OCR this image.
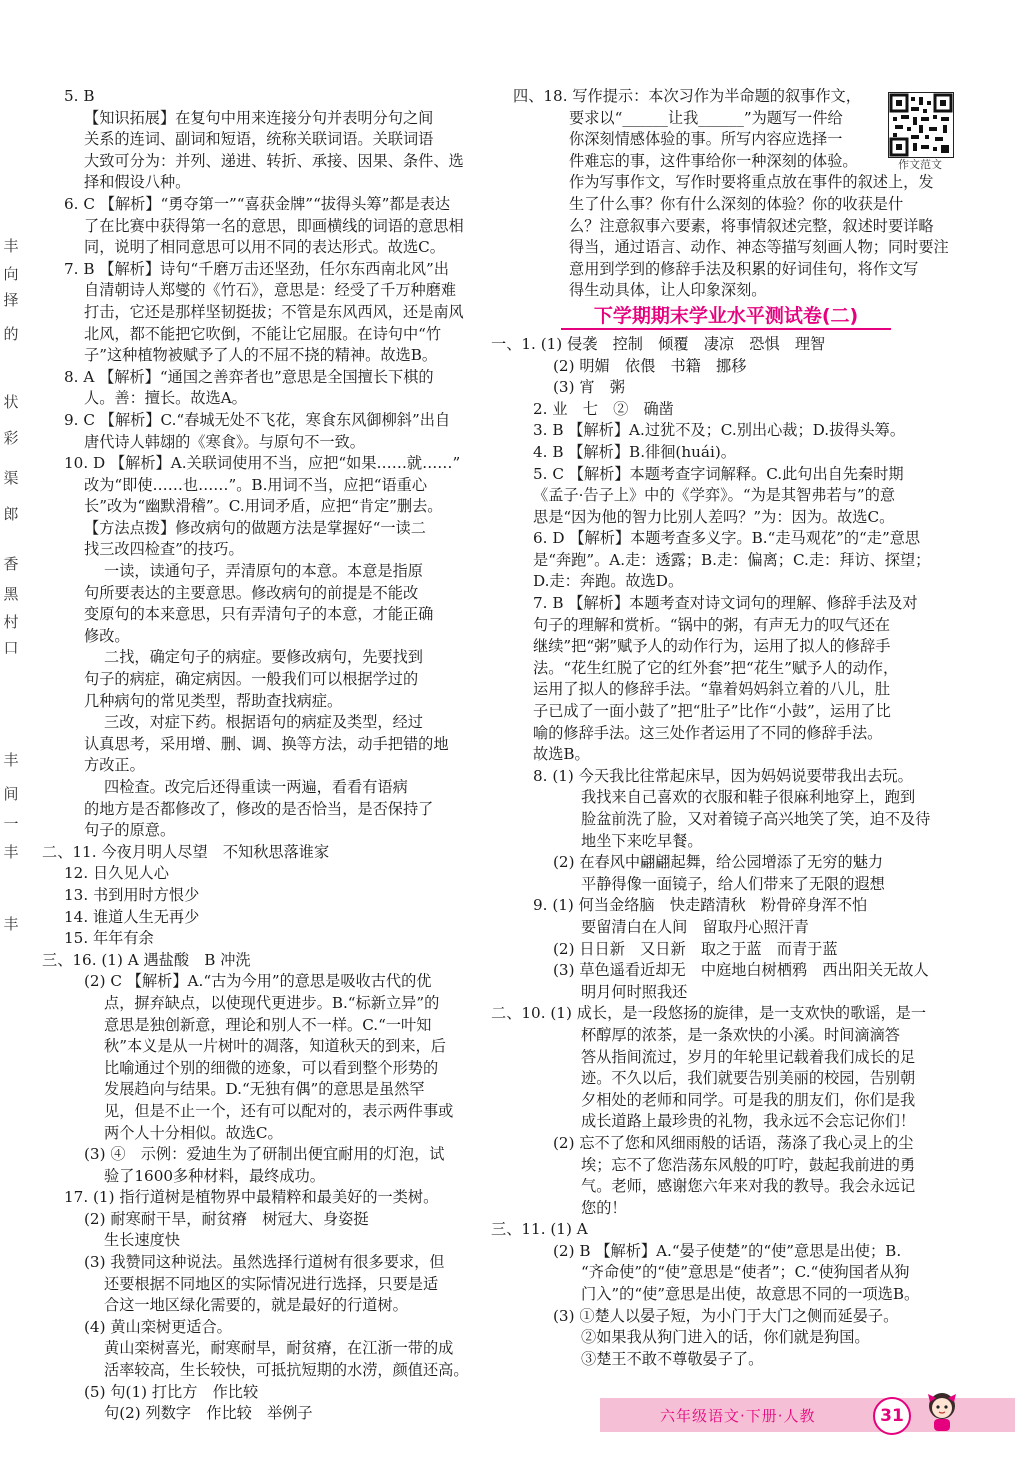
丰
向
择
的
状
彩
渠
郎
香
黑
村
口
丰
间
一
丰
丰
5. B
【知识拓展】在复句中用来连接分句并表明分句之间
关系的连词、副词和短语，统称关联词语。关联词语
大致可分为：并列、递进、转折、承接、因果、条件、选
择和假设八种。
6. C 【解析】“勇夺第一”“喜获金牌”“拔得头筹”都是表达
了在比赛中获得第一名的意思，即画横线的词语的意思相
同，说明了相同意思可以用不同的表达形式。故选C。
7. B 【解析】诗句“千磨万击还坚劲，任尔东西南北风”出
自清朝诗人郑燮的《竹石》，意思是：经受了千万种磨难
打击，它还是那样坚韧挺拔；不管是东风西风，还是南风
北风，都不能把它吹倒，不能让它屈服。在诗句中“竹
子”这种植物被赋予了人的不屈不挠的精神。故选B。
8. A 【解析】“通国之善弈者也”意思是全国擅长下棋的
人。善：擅长。故选A。
9. C 【解析】C.“春城无处不飞花，寒食东风御柳斜”出自
唐代诗人韩翃的《寒食》。与原句不一致。
10. D 【解析】A.关联词使用不当，应把“如果……就……”
改为“即使……也……”。B.用词不当，应把“语重心
长”改为“幽默滑稽”。C.用词矛盾，应把“肯定”删去。
【方法点拨】修改病句的做题方法是掌握好“一读二
找三改四检查”的技巧。
一读，读通句子，弄清原句的本意。本意是指原
句所要表达的主要意思。修改病句的前提是不能改
变原句的本来意思，只有弄清句子的本意，才能正确
修改。
二找，确定句子的病症。要修改病句，先要找到
句子的病症，确定病因。一般我们可以根据学过的
几种病句的常见类型，帮助查找病症。
三改，对症下药。根据语句的病症及类型，经过
认真思考，采用增、删、调、换等方法，动手把错的地
方改正。
四检查。改完后还得重读一两遍，看看有语病
的地方是否都修改了，修改的是否恰当，是否保持了
句子的原意。
二、11. 今夜月明人尽望　不知秋思落谁家
12. 日久见人心
13. 书到用时方恨少
14. 谁道人生无再少
15. 年年有余
三、16. (1) A 遇盐酸　B 冲洗
(2) C 【解析】A.“古为今用”的意思是吸收古代的优
点，摒弃缺点，以使现代更进步。B.“标新立异”的
意思是独创新意，理论和别人不一样。C.“一叶知
秋”本义是从一片树叶的凋落，知道秋天的到来，后
比喻通过个别的细微的迹象，可以看到整个形势的
发展趋向与结果。D.“无独有偶”的意思是虽然罕
见，但是不止一个，还有可以配对的，表示两件事或
两个人十分相似。故选C。
(3) ④　示例：爱迪生为了研制出便宜耐用的灯泡，试
验了1600多种材料，最终成功。
17. (1) 指行道树是植物界中最精粹和最美好的一类树。
(2) 耐寒耐干旱，耐贫瘠　树冠大、身姿挺
生长速度快
(3) 我赞同这种说法。虽然选择行道树有很多要求，但
还要根据不同地区的实际情况进行选择，只要是适
合这一地区绿化需要的，就是最好的行道树。
(4) 黄山栾树更适合。
黄山栾树喜光，耐寒耐旱，耐贫瘠，在江浙一带的成
活率较高，生长较快，可抵抗短期的水涝，颜值还高。
(5) 句(1) 打比方　作比较
句(2) 列数字　作比较　举例子
四、18. 写作提示：本次习作为半命题的叙事作文，
要求以“______让我______”为题写一件给
你深刻情感体验的事。所写内容应选择一
件难忘的事，这件事给你一种深刻的体验。
作为写事作文，写作时要将重点放在事件的叙述上，发
生了什么事？你有什么深刻的体验？你的收获是什
么？注意叙事六要素，将事情叙述完整，叙述时要详略
得当，通过语言、动作、神态等描写刻画人物；同时要注
意用到学到的修辞手法及积累的好词佳句，将作文写
得生动具体，让人印象深刻。
下学期期末学业水平测试卷(二)
一、1. (1) 侵袭　控制　倾覆　凄凉　恐惧　理智
(2) 明媚　依偎　书籍　挪移
(3) 宵　粥
2. 业　七　②　确凿
3. B 【解析】A.过犹不及；C.别出心裁；D.拔得头筹。
4. B 【解析】B.徘徊(huái)。
5. C 【解析】本题考查字词解释。C.此句出自先秦时期
《孟子·告子上》中的《学弈》。“为是其智弗若与”的意
思是“因为他的智力比别人差吗？”为：因为。故选C。
6. D 【解析】本题考查多义字。B.“走马观花”的“走”意思
是“奔跑”。A.走：透露；B.走：偏离；C.走：拜访、探望；
D.走：奔跑。故选D。
7. B 【解析】本题考查对诗文词句的理解、修辞手法及对
句子的理解和赏析。“锅中的粥，有声无力的叹气还在
继续”把“粥”赋予人的动作行为，运用了拟人的修辞手
法。“花生红脱了它的红外套”把“花生”赋予人的动作，
运用了拟人的修辞手法。“靠着妈妈斜立着的八儿，肚
子已成了一面小鼓了”把“肚子”比作“小鼓”，运用了比
喻的修辞手法。这三处作者运用了不同的修辞手法。
故选B。
8. (1) 今天我比往常起床早，因为妈妈说要带我出去玩。
我找来自己喜欢的衣服和鞋子很麻利地穿上，跑到
脸盆前洗了脸，又对着镜子高兴地笑了笑，迫不及待
地坐下来吃早餐。
(2) 在春风中翩翩起舞，给公园增添了无穷的魅力
平静得像一面镜子，给人们带来了无限的遐想
9. (1) 何当金络脑　快走踏清秋　粉骨碎身浑不怕
要留清白在人间　留取丹心照汗青
(2) 日日新　又日新　取之于蓝　而青于蓝
(3) 草色遥看近却无　中庭地白树栖鸦　西出阳关无故人
明月何时照我还
二、10. (1) 成长，是一段悠扬的旋律，是一支欢快的歌谣，是一
杯醇厚的浓茶，是一条欢快的小溪。时间滴滴答
答从指间流过，岁月的年轮里记载着我们成长的足
迹。不久以后，我们就要告别美丽的校园，告别朝
夕相处的老师和同学。可是我的朋友们，你们是我
成长道路上最珍贵的礼物，我永远不会忘记你们！
(2) 忘不了您和风细雨般的话语，荡涤了我心灵上的尘
埃；忘不了您浩荡东风般的叮咛，鼓起我前进的勇
气。老师，感谢您六年来对我的教导。我会永远记
您的！
三、11. (1) A
(2) B 【解析】A.“晏子使楚”的“使”意思是出使；B.
“齐命使”的“使”意思是“使者”；C.“使狗国者从狗
门入”的“使”意思是出使，故意思不同的一项选B。
(3) ①楚人以晏子短，为小门于大门之侧而延晏子。
②如果我从狗门进入的话，你们就是狗国。
③楚王不敢不尊敬晏子了。
作文范文
六年级语文·下册·人教	31
